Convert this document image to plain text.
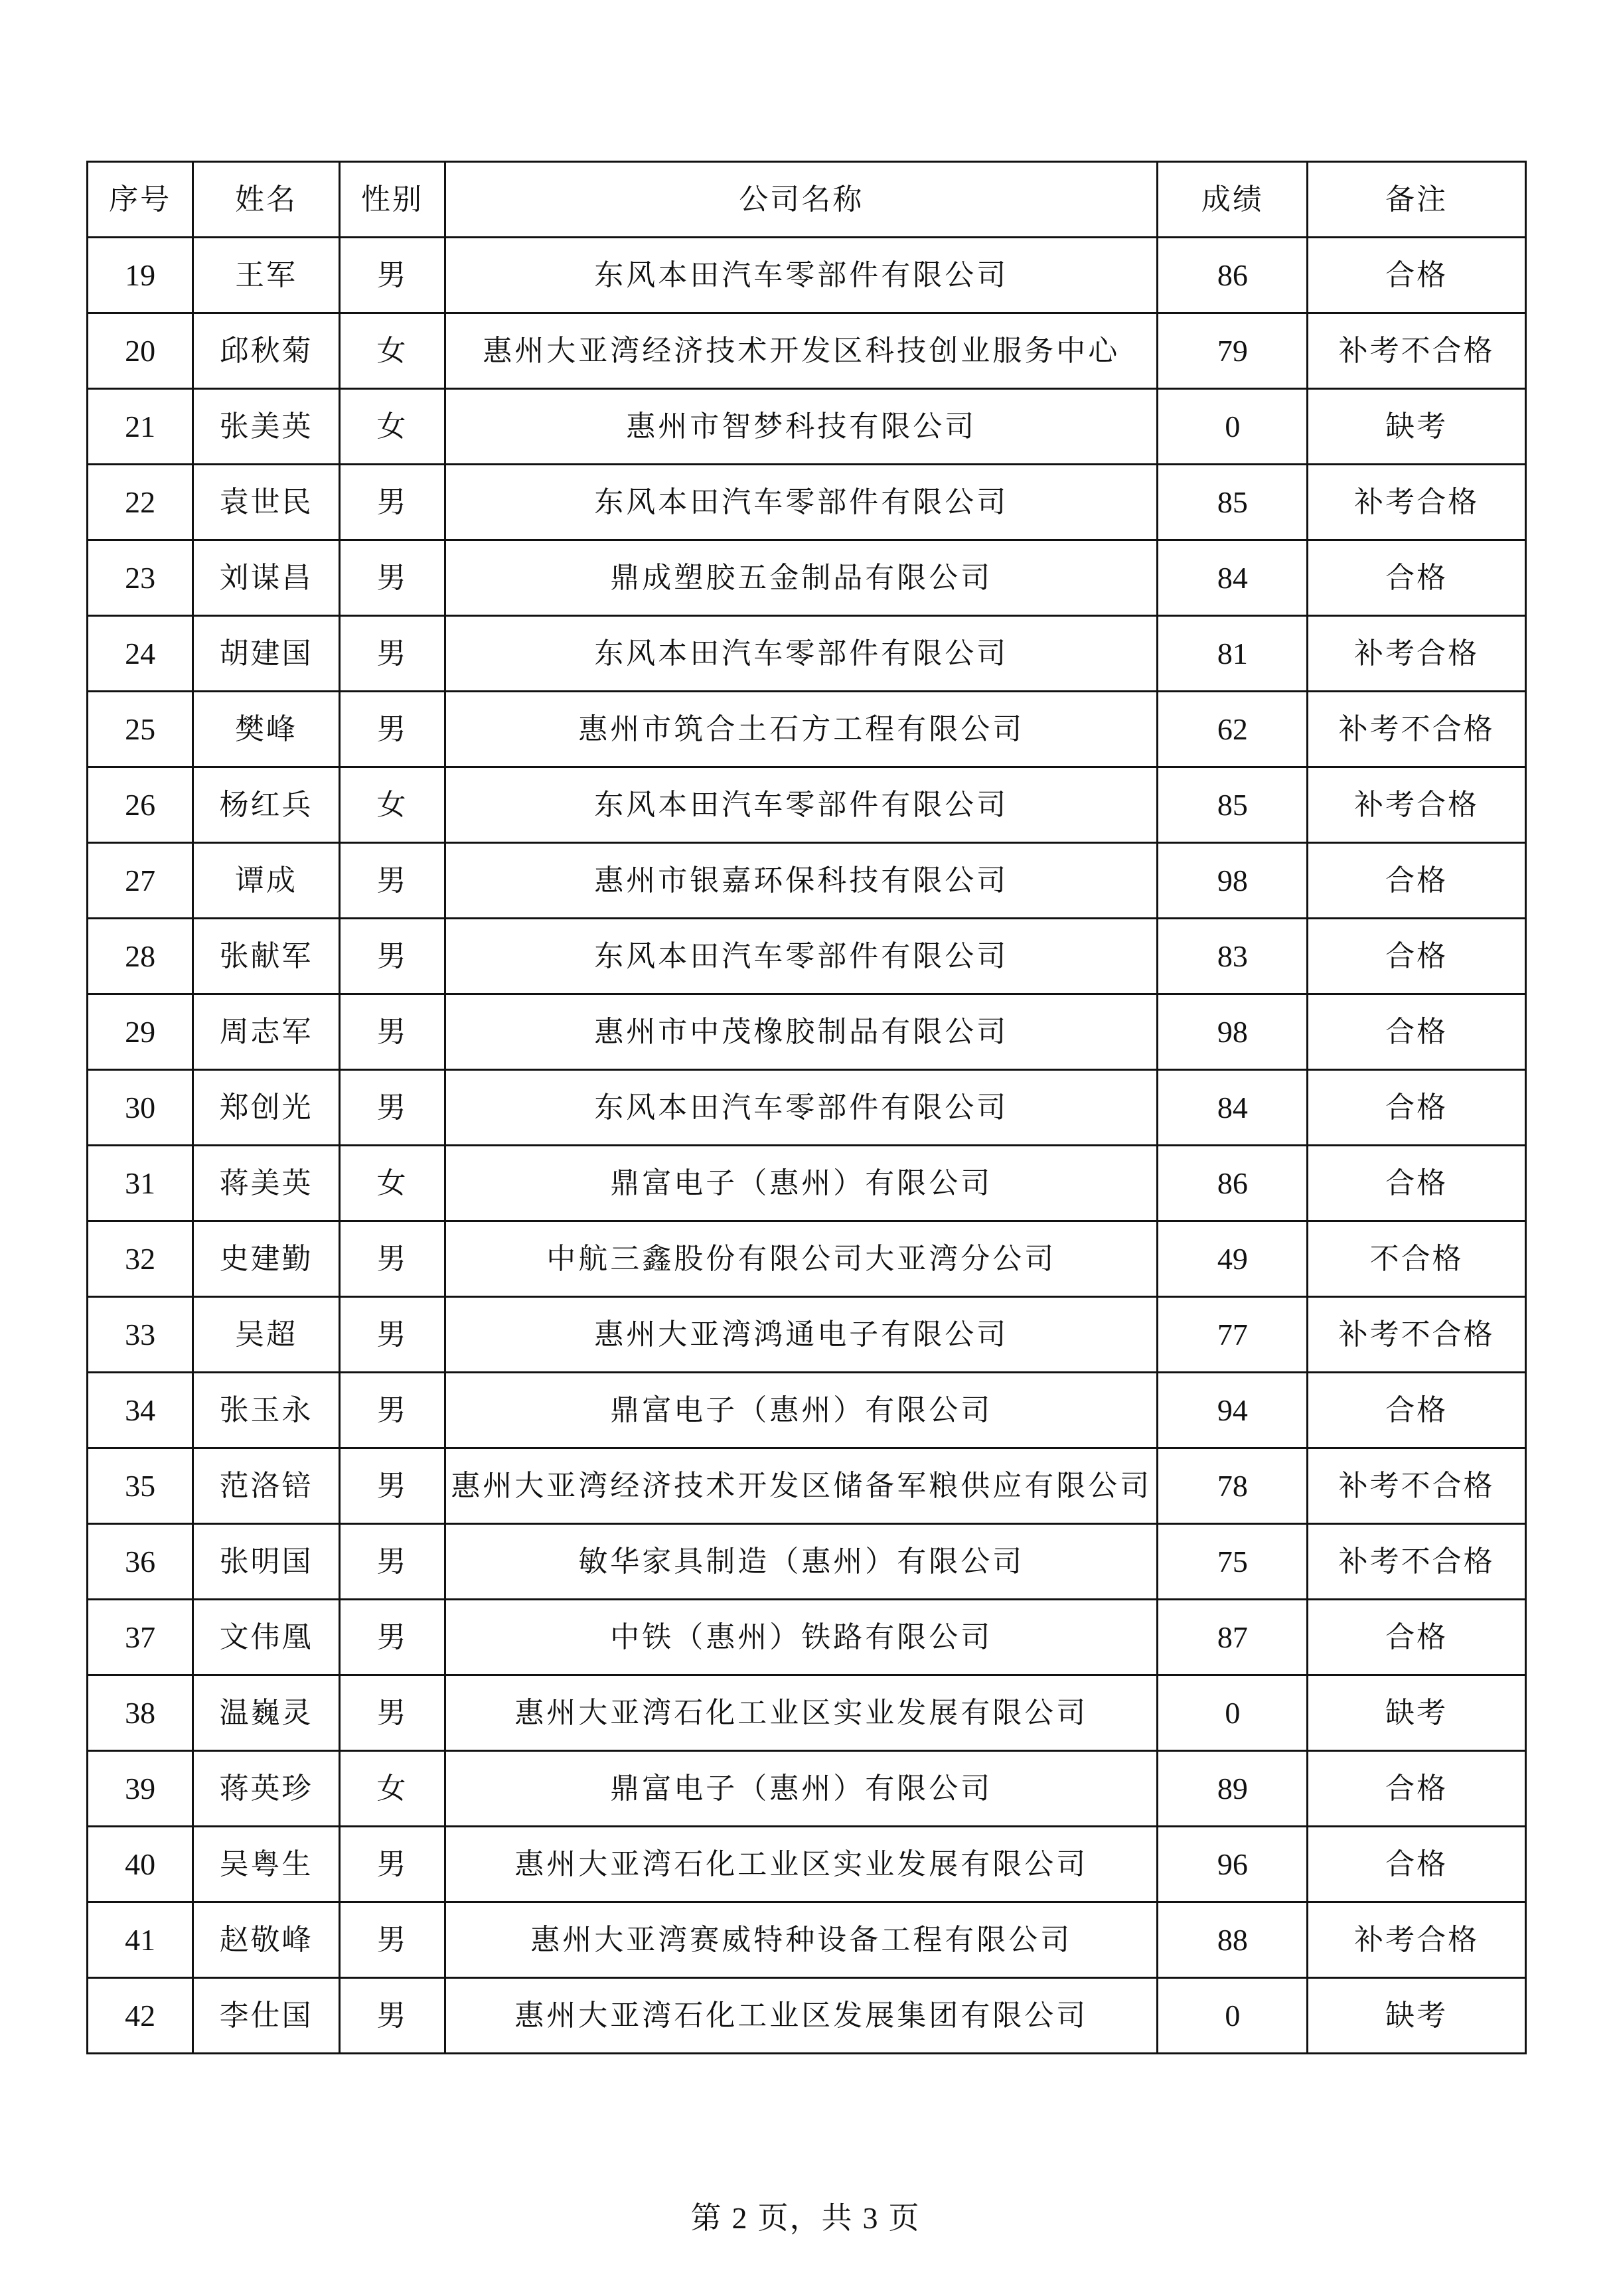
序号	姓名	性别	公司名称	成绩	备注
19	王军	男	东风本田汽车零部件有限公司	86	合格
20	邱秋菊	女	惠州大亚湾经济技术开发区科技创业服务中心	79	补考不合格
21	张美英	女	惠州市智梦科技有限公司	0	缺考
22	袁世民	男	东风本田汽车零部件有限公司	85	补考合格
23	刘谋昌	男	鼎成塑胶五金制品有限公司	84	合格
24	胡建国	男	东风本田汽车零部件有限公司	81	补考合格
25	樊峰	男	惠州市筑合土石方工程有限公司	62	补考不合格
26	杨红兵	女	东风本田汽车零部件有限公司	85	补考合格
27	谭成	男	惠州市银嘉环保科技有限公司	98	合格
28	张献军	男	东风本田汽车零部件有限公司	83	合格
29	周志军	男	惠州市中茂橡胶制品有限公司	98	合格
30	郑创光	男	东风本田汽车零部件有限公司	84	合格
31	蒋美英	女	鼎富电子（惠州）有限公司	86	合格
32	史建勤	男	中航三鑫股份有限公司大亚湾分公司	49	不合格
33	吴超	男	惠州大亚湾鸿通电子有限公司	77	补考不合格
34	张玉永	男	鼎富电子（惠州）有限公司	94	合格
35	范洛锫	男	惠州大亚湾经济技术开发区储备军粮供应有限公司	78	补考不合格
36	张明国	男	敏华家具制造（惠州）有限公司	75	补考不合格
37	文伟凰	男	中铁（惠州）铁路有限公司	87	合格
38	温巍灵	男	惠州大亚湾石化工业区实业发展有限公司	0	缺考
39	蒋英珍	女	鼎富电子（惠州）有限公司	89	合格
40	吴粤生	男	惠州大亚湾石化工业区实业发展有限公司	96	合格
41	赵敬峰	男	惠州大亚湾赛威特种设备工程有限公司	88	补考合格
42	李仕国	男	惠州大亚湾石化工业区发展集团有限公司	0	缺考
第 2 页，共 3 页
